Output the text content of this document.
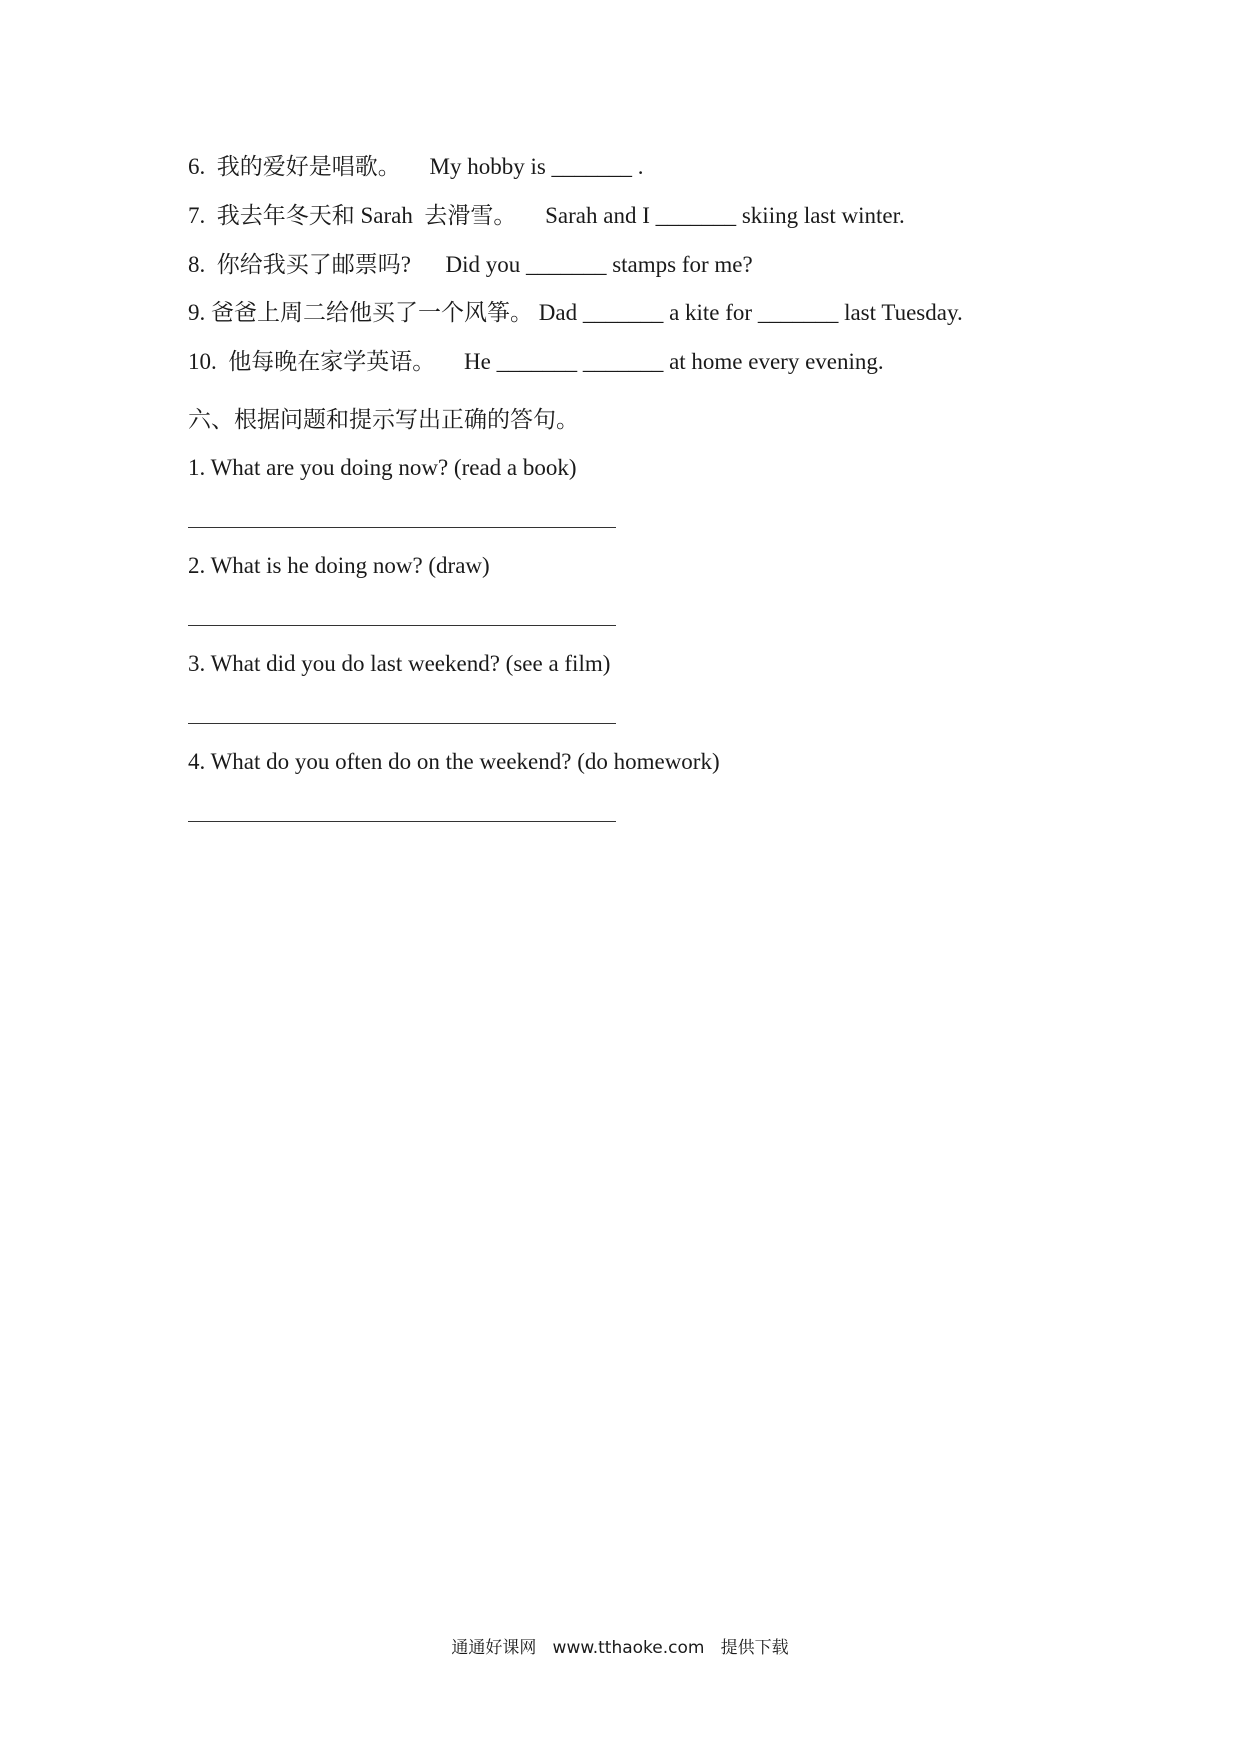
6.  我的爱好是唱歌。     My hobby is _______ .
7.  我去年冬天和 Sarah  去滑雪。     Sarah and I _______ skiing last winter.
8.  你给我买了邮票吗?      Did you _______ stamps for me?
9. 爸爸上周二给他买了一个风筝。 Dad _______ a kite for _______ last Tuesday.
10.  他每晚在家学英语。     He _______ _______ at home every evening.
六、根据问题和提示写出正确的答句。
1. What are you doing now? (read a book)
2. What is he doing now? (draw)
3. What did you do last weekend? (see a film)
4. What do you often do on the weekend? (do homework)
通通好课网   www.tthaoke.com   提供下载
